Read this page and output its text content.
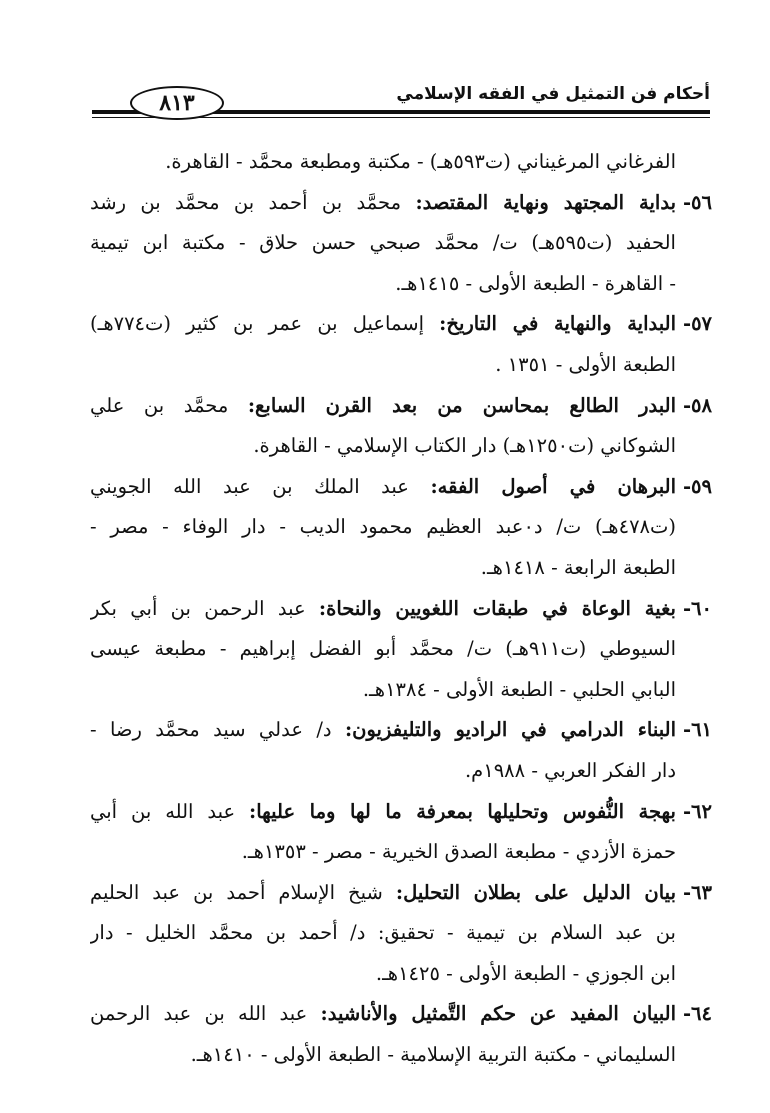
٨١٣	أحكام فن التمثيل في الفقه الإسلامي
الفرغاني المرغيناني (ت٥٩٣هـ) - مكتبة ومطبعة محمَّد - القاهرة.
٥٦-بداية المجتهد ونهاية المقتصد: محمَّد بن أحمد بن محمَّد بن رشد
الحفيد (ت٥٩٥هـ) ت/ محمَّد صبحي حسن حلاق - مكتبة ابن تيمية
- القاهرة - الطبعة الأولى - ١٤١٥هـ.
٥٧-البداية والنهاية في التاريخ: إسماعيل بن عمر بن كثير (ت٧٧٤هـ)
الطبعة الأولى - ١٣٥١ .
٥٨-البدر الطالع بمحاسن من بعد القرن السابع: محمَّد بن علي
الشوكاني (ت١٢٥٠هـ) دار الكتاب الإسلامي - القاهرة.
٥٩-البرهان في أصول الفقه: عبد الملك بن عبد الله الجويني
(ت٤٧٨هـ) ت/ د٠عبد العظيم محمود الديب - دار الوفاء - مصر -
الطبعة الرابعة - ١٤١٨هـ.
٦٠-بغية الوعاة في طبقات اللغويين والنحاة: عبد الرحمن بن أبي بكر
السيوطي (ت٩١١هـ) ت/ محمَّد أبو الفضل إبراهيم - مطبعة عيسى
البابي الحلبي - الطبعة الأولى - ١٣٨٤هـ.
٦١-البناء الدرامي في الراديو والتليفزيون: د/ عدلي سيد محمَّد رضا -
دار الفكر العربي - ١٩٨٨م.
٦٢-بهجة النُّفوس وتحليلها بمعرفة ما لها وما عليها: عبد الله بن أبي
حمزة الأزدي - مطبعة الصدق الخيرية - مصر - ١٣٥٣هـ.
٦٣-بيان الدليل على بطلان التحليل: شيخ الإسلام أحمد بن عبد الحليم
بن عبد السلام بن تيمية - تحقيق: د/ أحمد بن محمَّد الخليل - دار
ابن الجوزي - الطبعة الأولى - ١٤٢٥هـ.
٦٤-البيان المفيد عن حكم التَّمثيل والأناشيد: عبد الله بن عبد الرحمن
السليماني - مكتبة التربية الإسلامية - الطبعة الأولى - ١٤١٠هـ.
